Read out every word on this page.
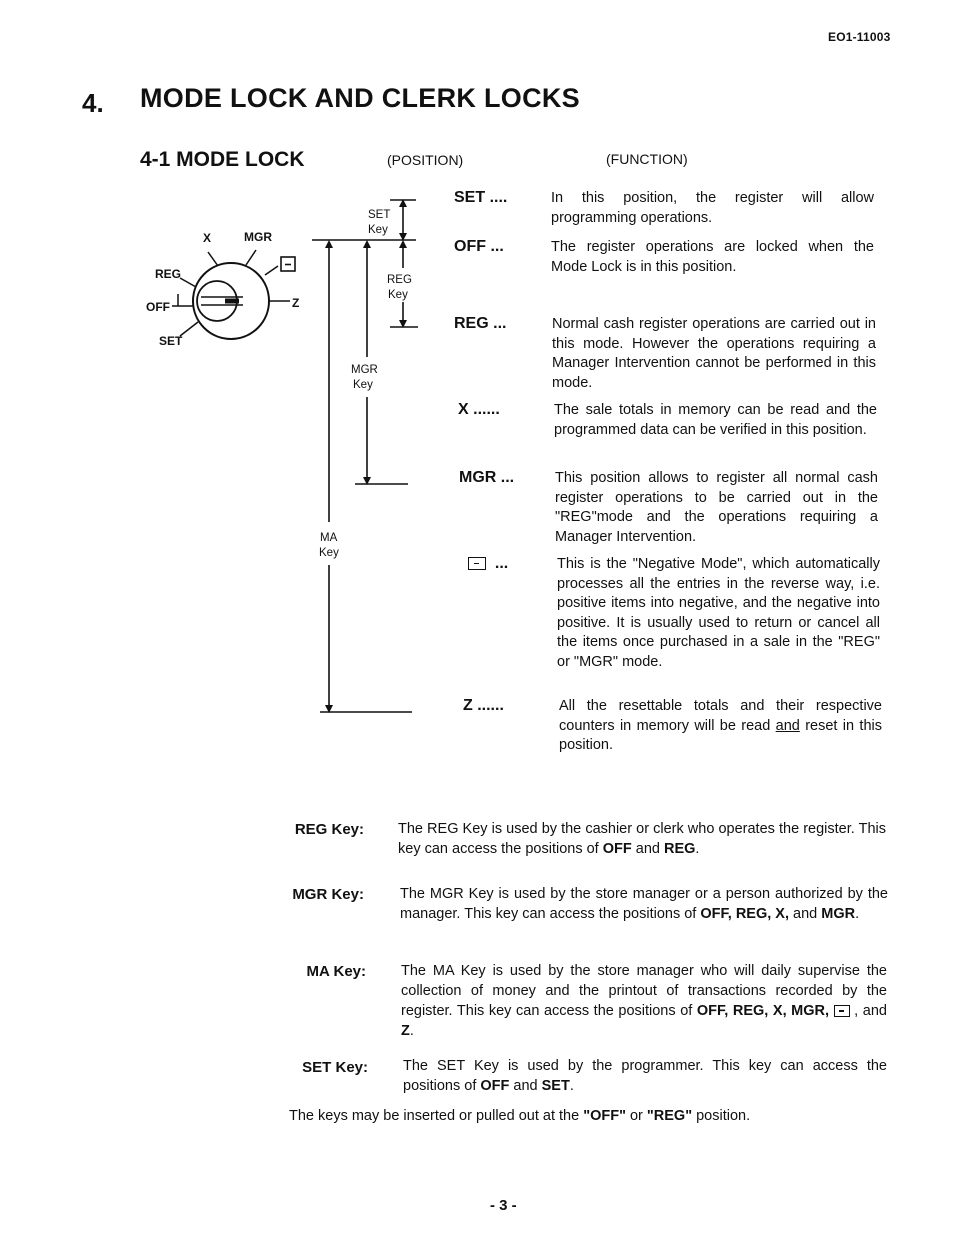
EO1-11003
4. MODE LOCK AND CLERK LOCKS
4-1 MODE LOCK	(POSITION)	(FUNCTION)
X	MGR
REG
OFF
SET
Z
SET
Key
REG
Key
MGR
Key
MA
Key
SET ....	In this position, the register will allow programming operations.
OFF ...	The register operations are locked when the Mode Lock is in this position.
REG ...	Normal cash register operations are carried out in this mode. However the operations requiring a Manager Intervention cannot be performed in this mode.
X ......	The sale totals in memory can be read and the programmed data can be verified in this position.
MGR ...	This position allows to register all normal cash register operations to be carried out in the "REG"mode and the operations requiring a Manager Intervention.
...	This is the "Negative Mode", which automatically processes all the entries in the reverse way, i.e. positive items into negative, and the negative into positive. It is usually used to return or cancel all the items once purchased in a sale in the "REG" or "MGR" mode.
Z ......	All the resettable totals and their respective counters in memory will be read and reset in this position.
REG Key: The REG Key is used by the cashier or clerk who operates the register. This key can access the positions of OFF and REG.
MGR Key: The MGR Key is used by the store manager or a person authorized by the manager. This key can access the positions of OFF, REG, X, and MGR.
MA Key: The MA Key is used by the store manager who will daily supervise the collection of money and the printout of transactions recorded by the register. This key can access the positions of OFF, REG, X, MGR,  , and Z.
SET Key: The SET Key is used by the programmer. This key can access the positions of OFF and SET.
The keys may be inserted or pulled out at the "OFF" or "REG" position.
- 3 -
